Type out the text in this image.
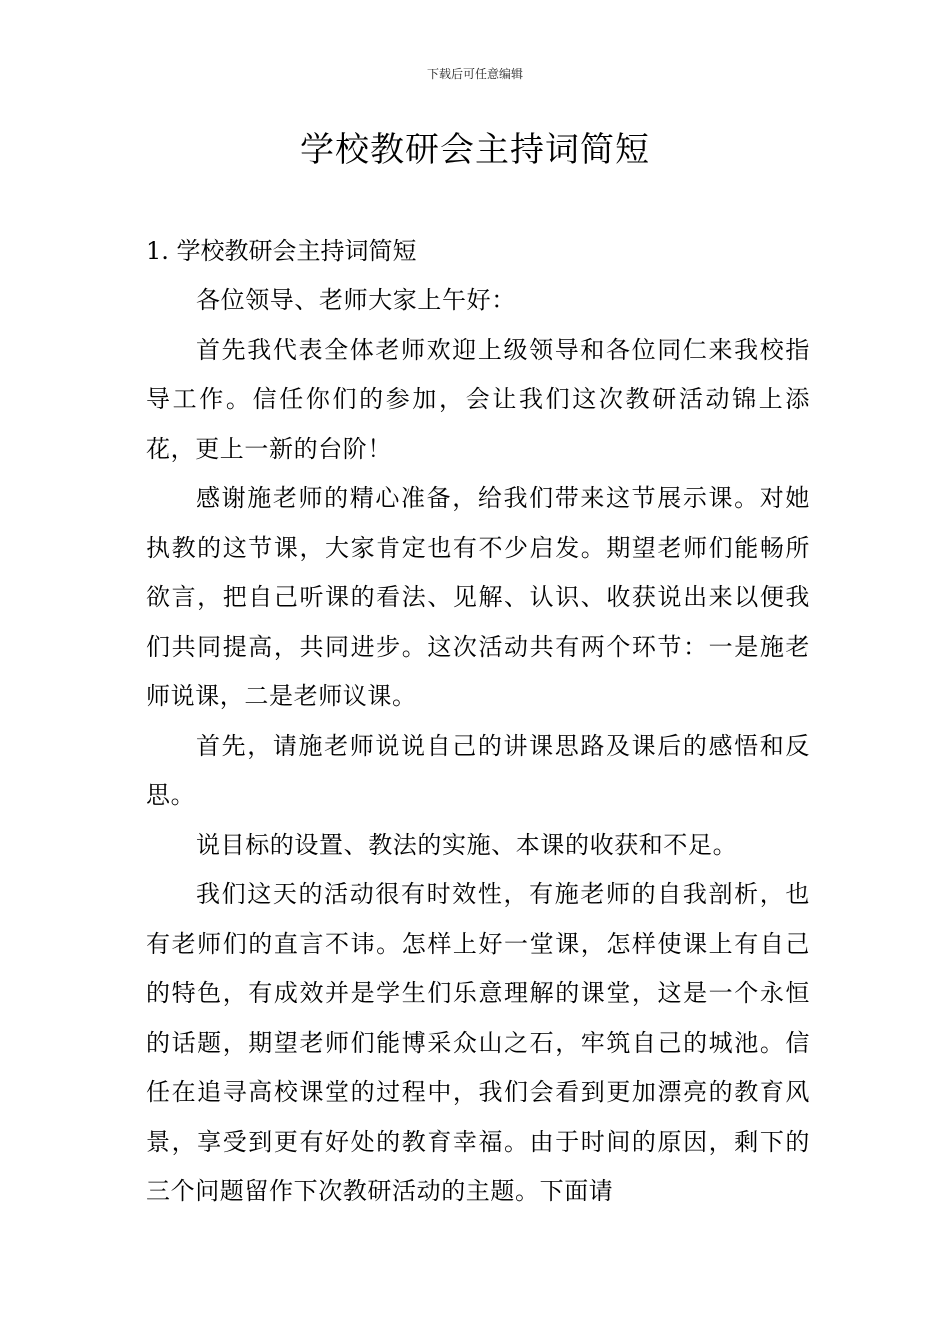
下载后可任意编辑
学校教研会主持词简短

1. 学校教研会主持词简短

各位领导、老师大家上午好：

首先我代表全体老师欢迎上级领导和各位同仁来我校指导工作。信任你们的参加，会让我们这次教研活动锦上添花，更上一新的台阶！

感谢施老师的精心准备，给我们带来这节展示课。对她执教的这节课，大家肯定也有不少启发。期望老师们能畅所欲言，把自己听课的看法、见解、认识、收获说出来以便我们共同提高，共同进步。这次活动共有两个环节：一是施老师说课，二是老师议课。

首先，请施老师说说自己的讲课思路及课后的感悟和反思。

说目标的设置、教法的实施、本课的收获和不足。

我们这天的活动很有时效性，有施老师的自我剖析，也有老师们的直言不讳。怎样上好一堂课，怎样使课上有自己的特色，有成效并是学生们乐意理解的课堂，这是一个永恒的话题，期望老师们能博采众山之石，牢筑自己的城池。信任在追寻高校课堂的过程中，我们会看到更加漂亮的教育风景，享受到更有好处的教育幸福。由于时间的原因，剩下的三个问题留作下次教研活动的主题。下面请
